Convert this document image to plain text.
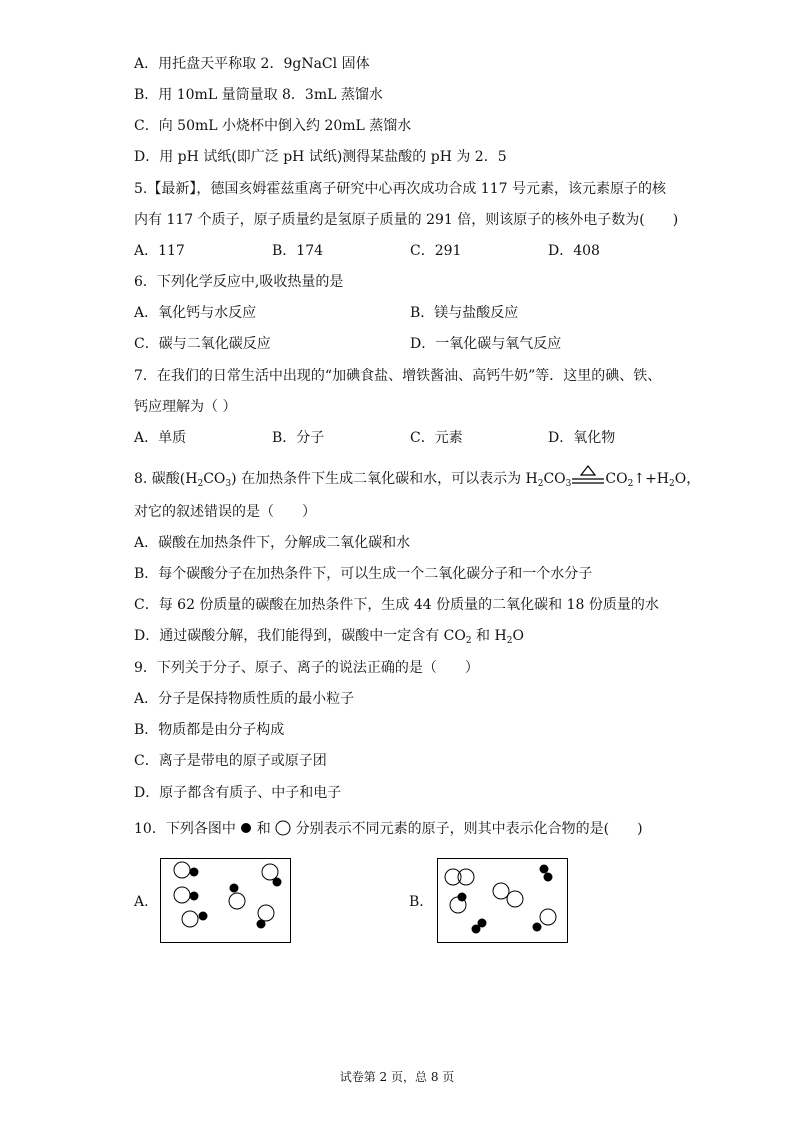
A．用托盘天平称取 2．9gNaCl 固体
B．用 10mL 量筒量取 8．3mL 蒸馏水
C．向 50mL 小烧杯中倒入约 20mL 蒸馏水
D．用 pH 试纸(即广泛 pH 试纸)测得某盐酸的 pH 为 2．5
5.【最新】，德国亥姆霍兹重离子研究中心再次成功合成 117 号元素，该元素原子的核
内有 117 个质子，原子质量约是氢原子质量的 291 倍，则该原子的核外电子数为(　　)
A．117	B．174	C．291	D．408
6．下列化学反应中,吸收热量的是
A．氧化钙与水反应	B．镁与盐酸反应
C．碳与二氧化碳反应	D．一氧化碳与氧气反应
7．在我们的日常生活中出现的“加碘食盐、增铁酱油、高钙牛奶”等．这里的碘、铁、
钙应理解为（ ）
A．单质	B．分子	C．元素	D．氧化物
8. 碳酸$(H_2CO_3)$ 在加热条件下生成二氧化碳和水，可以表示为 $H_2CO_3$ $CO_2↑+H_2O$，
对它的叙述错误的是（　　）
A．碳酸在加热条件下，分解成二氧化碳和水
B．每个碳酸分子在加热条件下，可以生成一个二氧化碳分子和一个水分子
C．每 62 份质量的碳酸在加热条件下，生成 44 份质量的二氧化碳和 18 份质量的水
D．通过碳酸分解，我们能得到，碳酸中一定含有 $CO_2$ 和 $H_2O$
9．下列关于分子、原子、离子的说法正确的是（　　）
A．分子是保持物质性质的最小粒子
B．物质都是由分子构成
C．离子是带电的原子或原子团
D．原子都含有质子、中子和电子
10．下列各图中 和 分别表示不同元素的原子，则其中表示化合物的是(　　)
A.	B.
试卷第 2 页，总 8 页
